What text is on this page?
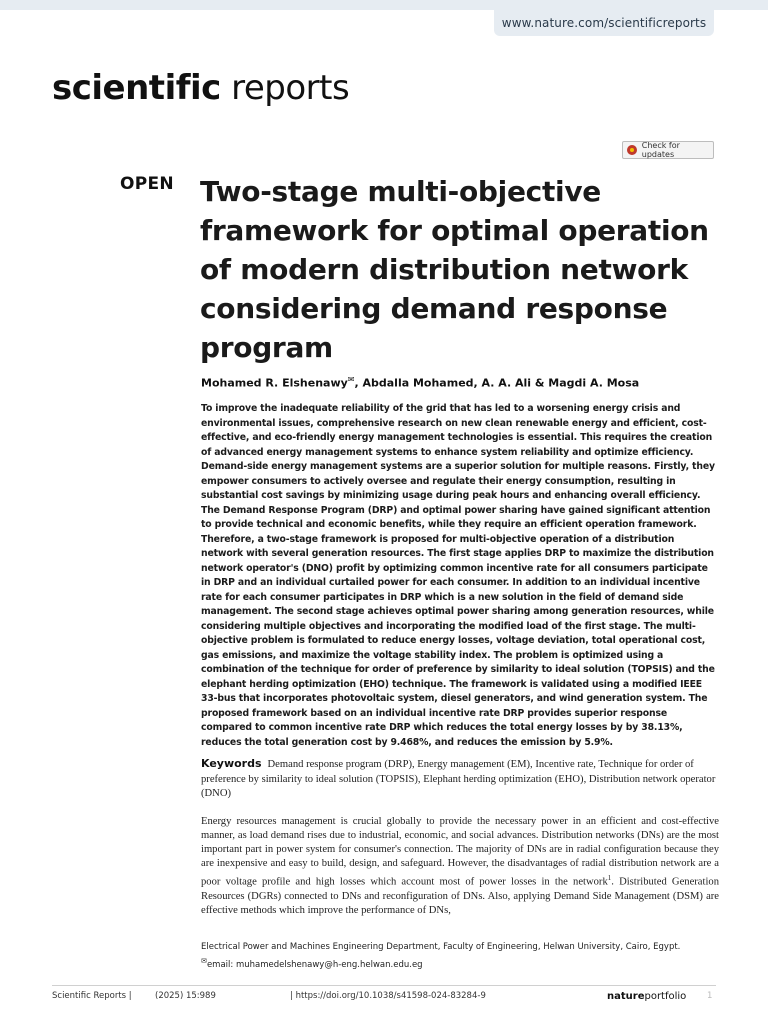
www.nature.com/scientificreports
scientific reports
Check for updates
OPEN Two-stage multi-objective framework for optimal operation of modern distribution network considering demand response program
Mohamed R. Elshenawy✉, Abdalla Mohamed, A. A. Ali & Magdi A. Mosa

To improve the inadequate reliability of the grid that has led to a worsening energy crisis and environmental issues, comprehensive research on new clean renewable energy and efficient, cost-effective, and eco-friendly energy management technologies is essential. This requires the creation of advanced energy management systems to enhance system reliability and optimize efficiency. Demand-side energy management systems are a superior solution for multiple reasons. Firstly, they empower consumers to actively oversee and regulate their energy consumption, resulting in substantial cost savings by minimizing usage during peak hours and enhancing overall efficiency. The Demand Response Program (DRP) and optimal power sharing have gained significant attention to provide technical and economic benefits, while they require an efficient operation framework. Therefore, a two-stage framework is proposed for multi-objective operation of a distribution network with several generation resources. The first stage applies DRP to maximize the distribution network operator's (DNO) profit by optimizing common incentive rate for all consumers participate in DRP and an individual curtailed power for each consumer. In addition to an individual incentive rate for each consumer participates in DRP which is a new solution in the field of demand side management. The second stage achieves optimal power sharing among generation resources, while considering multiple objectives and incorporating the modified load of the first stage. The multi-objective problem is formulated to reduce energy losses, voltage deviation, total operational cost, gas emissions, and maximize the voltage stability index. The problem is optimized using a combination of the technique for order of preference by similarity to ideal solution (TOPSIS) and the elephant herding optimization (EHO) technique. The framework is validated using a modified IEEE 33-bus that incorporates photovoltaic system, diesel generators, and wind generation system. The proposed framework based on an individual incentive rate DRP provides superior response compared to common incentive rate DRP which reduces the total energy losses by by 38.13%, reduces the total generation cost by 9.468%, and reduces the emission by 5.9%.

Keywords Demand response program (DRP), Energy management (EM), Incentive rate, Technique for order of preference by similarity to ideal solution (TOPSIS), Elephant herding optimization (EHO), Distribution network operator (DNO)

Energy resources management is crucial globally to provide the necessary power in an efficient and cost-effective manner, as load demand rises due to industrial, economic, and social advances. Distribution networks (DNs) are the most important part in power system for consumer's connection. The majority of DNs are in radial configuration because they are inexpensive and easy to build, design, and safeguard. However, the disadvantages of radial distribution network are a poor voltage profile and high losses which account most of power losses in the network$^1$. Distributed Generation Resources (DGRs) connected to DNs and reconfiguration of DNs. Also, applying Demand Side Management (DSM) are effective methods which improve the performance of DNs,

Electrical Power and Machines Engineering Department, Faculty of Engineering, Helwan University, Cairo, Egypt.
✉email: muhamedelshenawy@h-eng.helwan.edu.eg
Scientific Reports |	(2025) 15:989	| https://doi.org/10.1038/s41598-024-83284-9	natureportfolio 1
